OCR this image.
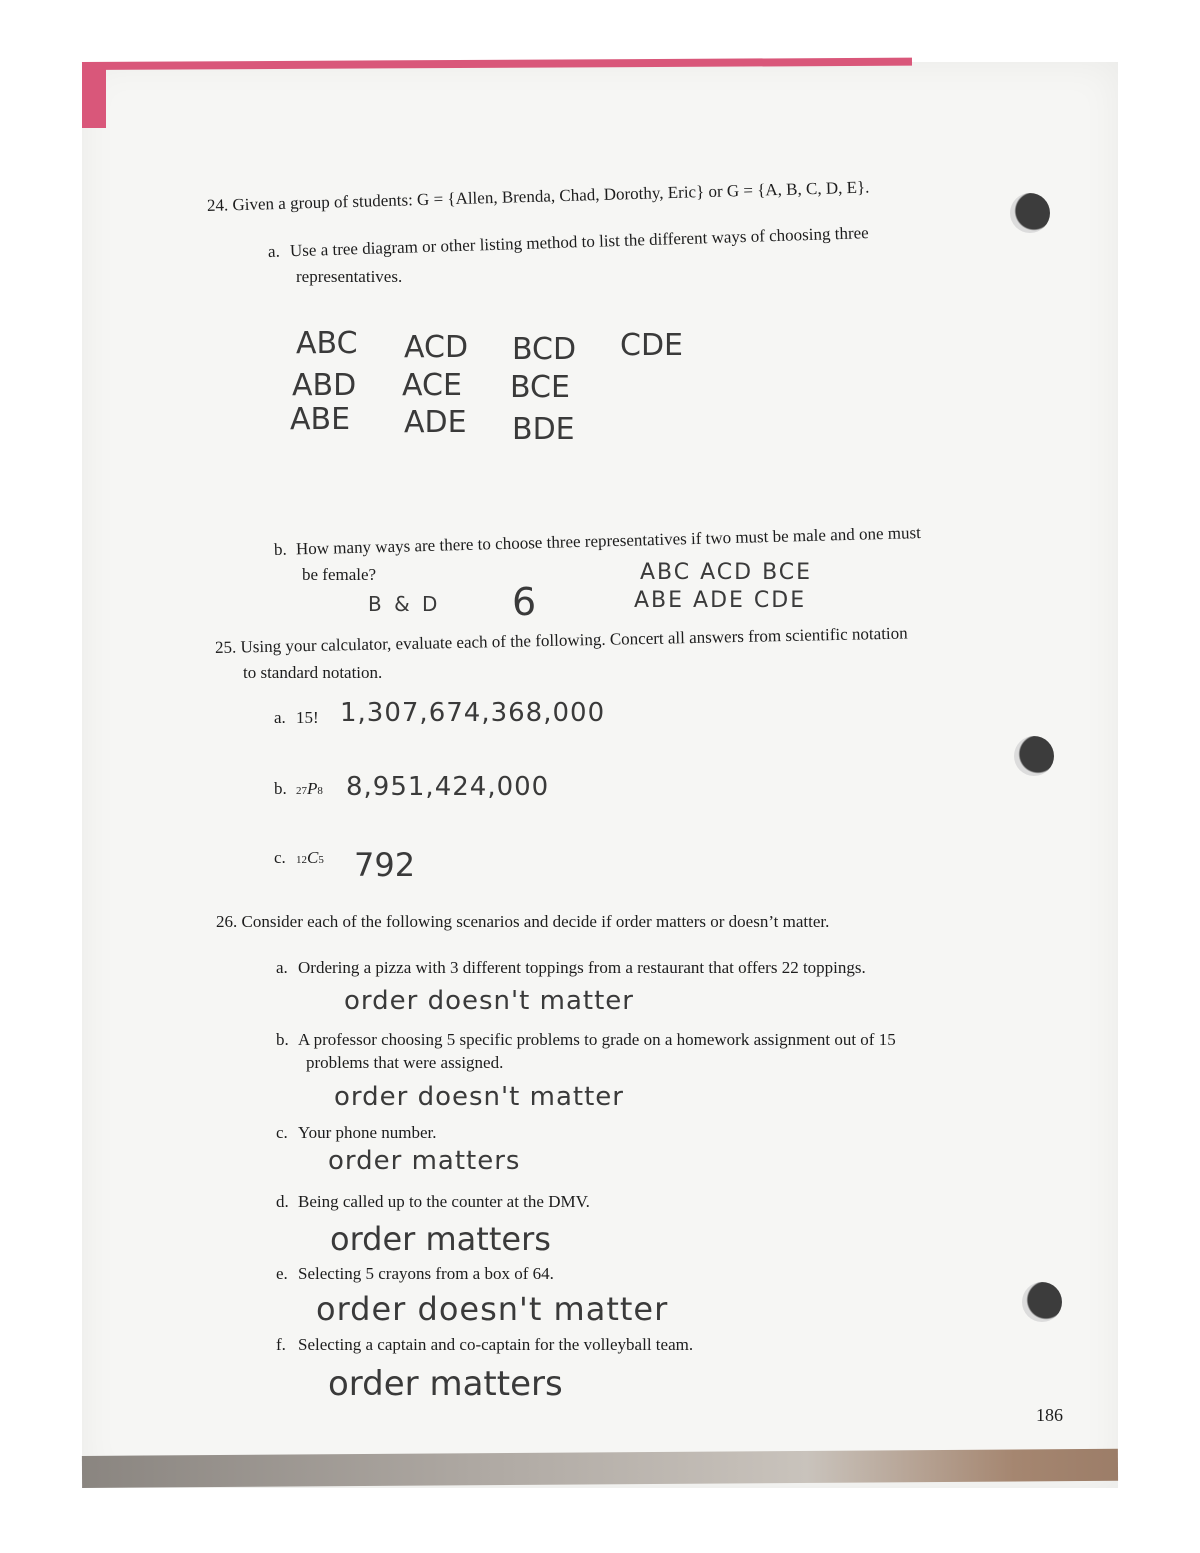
24. Given a group of students: G = {Allen, Brenda, Chad, Dorothy, Eric} or G = {A, B, C, D, E}.
a. Use a tree diagram or other listing method to list the different ways of choosing three
representatives.
ABC ACD BCD CDE
ABD ACE BCE
ABE ADE BDE
b. How many ways are there to choose three representatives if two must be male and one must
be female?
B & D 6
ABC ACD BCE
ABE ADE CDE
25. Using your calculator, evaluate each of the following. Concert all answers from scientific notation
to standard notation.
a. 15! 1,307,674,368,000
b. 27P8 8,951,424,000
c. 12C5 792
26. Consider each of the following scenarios and decide if order matters or doesn’t matter.
a. Ordering a pizza with 3 different toppings from a restaurant that offers 22 toppings.
order doesn't matter
b. A professor choosing 5 specific problems to grade on a homework assignment out of 15
problems that were assigned.
order doesn't matter
c. Your phone number.
order matters
d. Being called up to the counter at the DMV.
order matters
e. Selecting 5 crayons from a box of 64.
order doesn't matter
f. Selecting a captain and co-captain for the volleyball team.
order matters
186
